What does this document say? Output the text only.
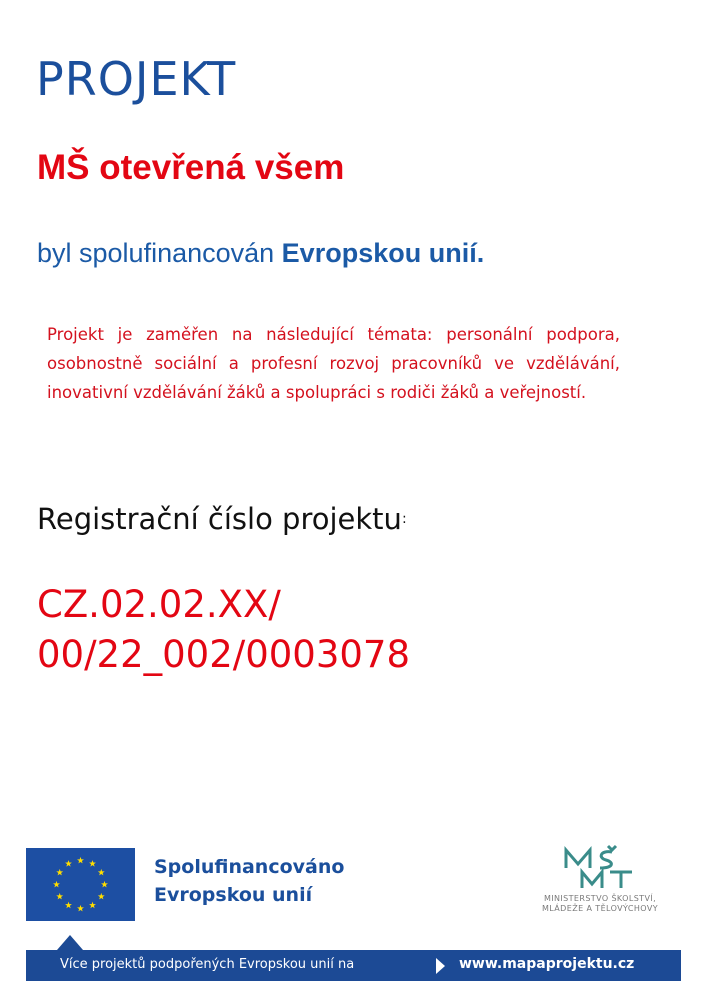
PROJEKT
MŠ otevřená všem

byl spolufinancován Evropskou unií.

Projekt je zaměřen na následující témata: personální podpora, osobnostně sociální a profesní rozvoj pracovníků ve vzdělávání, inovativní vzdělávání žáků a spolupráci s rodiči žáků a veřejností.

Registrační číslo projektu:

CZ.02.02.XX/
00/22_002/0003078
Spolufinancováno
Evropskou unií	MINISTERSTVO ŠKOLSTVÍ,
MLÁDEŽE A TĚLOVÝCHOVY
Více projektů podpořených Evropskou unií na	www.mapaprojektu.cz
